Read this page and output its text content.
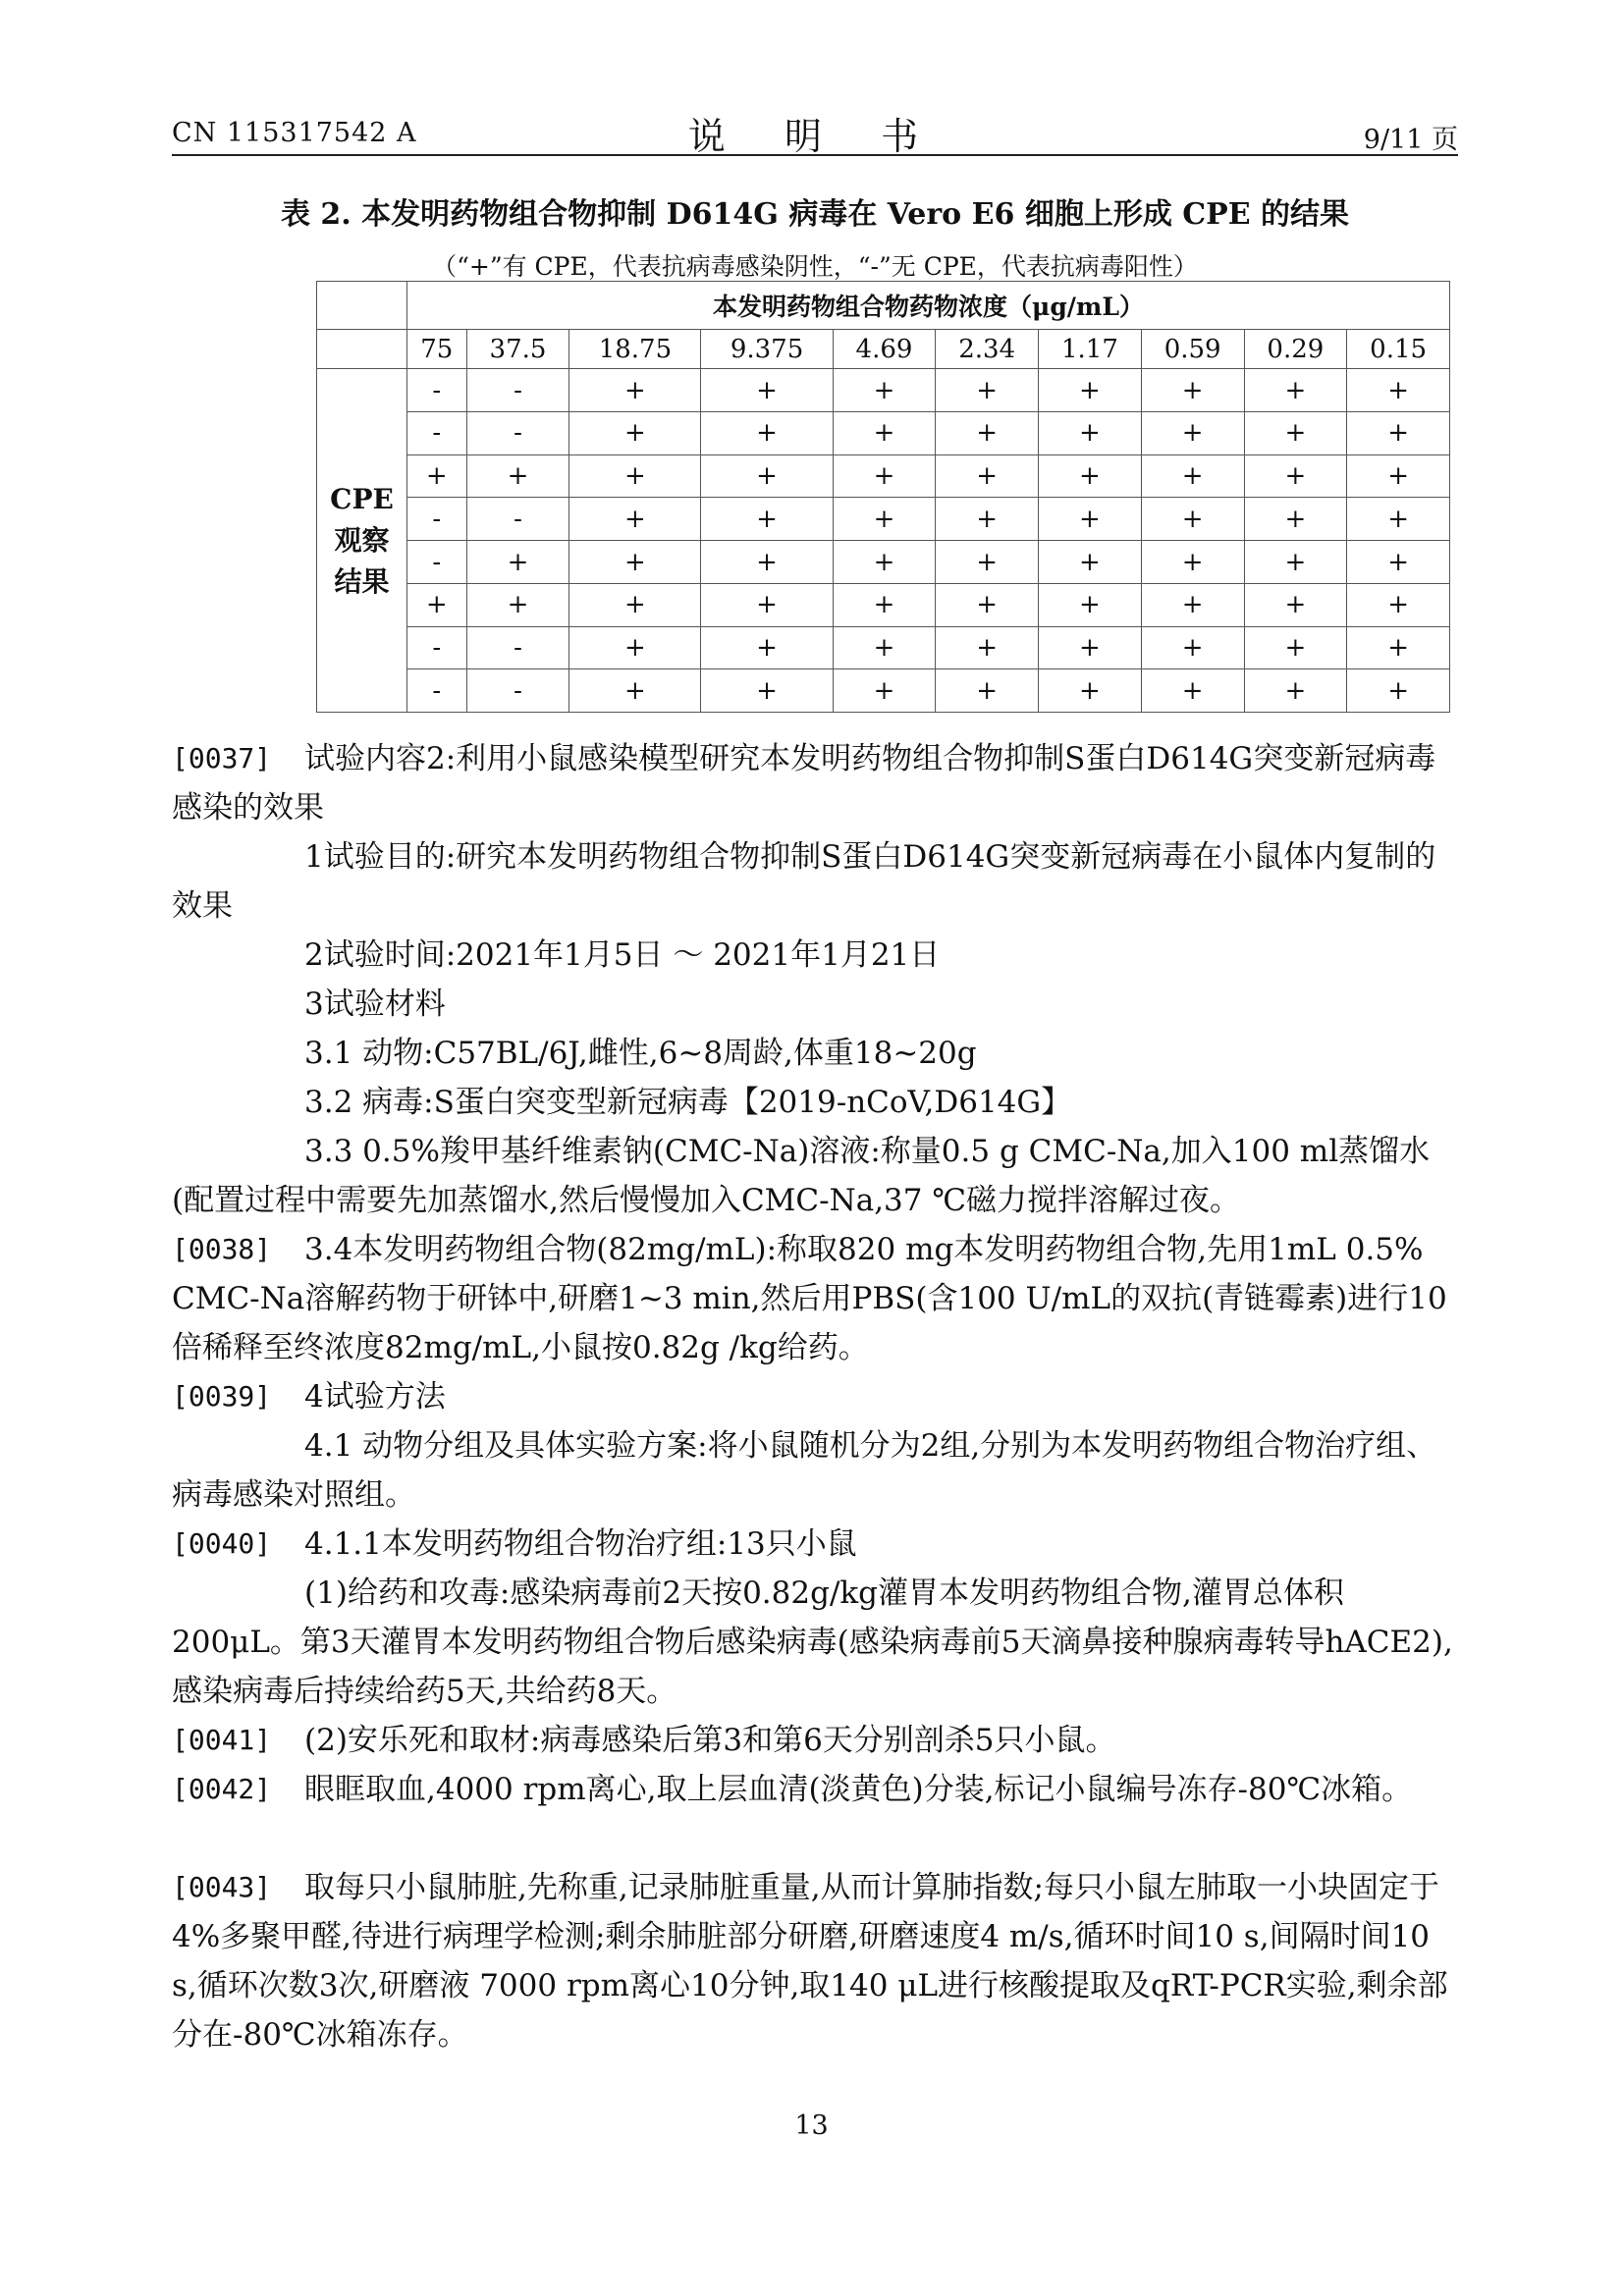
CN 115317542 A	说 明 书	9/11 页
表 2. 本发明药物组合物抑制 D614G 病毒在 Vero E6 细胞上形成 CPE 的结果
（“+”有 CPE，代表抗病毒感染阴性，“-”无 CPE，代表抗病毒阳性）
	本发明药物组合物药物浓度（μg/mL）									
	75	37.5	18.75	9.375	4.69	2.34	1.17	0.59	0.29	0.15
CPE 观察 结果	-	-	+	+	+	+	+	+	+	+
	-	-	+	+	+	+	+	+	+	+
	+	+	+	+	+	+	+	+	+	+
	-	-	+	+	+	+	+	+	+	+
	-	+	+	+	+	+	+	+	+	+
	+	+	+	+	+	+	+	+	+	+
	-	-	+	+	+	+	+	+	+	+
	-	-	+	+	+	+	+	+	+	+
[0037]	试验内容2:利用小鼠感染模型研究本发明药物组合物抑制S蛋白D614G突变新冠病毒感染的效果
1试验目的:研究本发明药物组合物抑制S蛋白D614G突变新冠病毒在小鼠体内复制的效果
2试验时间:2021年1月5日 ～ 2021年1月21日
3试验材料
3.1 动物:C57BL/6J,雌性,6~8周龄,体重18~20g
3.2 病毒:S蛋白突变型新冠病毒【2019-nCoV,D614G】
3.3 0.5%羧甲基纤维素钠(CMC-Na)溶液:称量0.5 g CMC-Na,加入100 ml蒸馏水(配置过程中需要先加蒸馏水,然后慢慢加入CMC-Na,37 ℃磁力搅拌溶解过夜。
[0038]	3.4本发明药物组合物(82mg/mL):称取820 mg本发明药物组合物,先用1mL 0.5% CMC-Na溶解药物于研钵中,研磨1~3 min,然后用PBS(含100 U/mL的双抗(青链霉素)进行10倍稀释至终浓度82mg/mL,小鼠按0.82g /kg给药。
[0039]	4试验方法
4.1 动物分组及具体实验方案:将小鼠随机分为2组,分别为本发明药物组合物治疗组、病毒感染对照组。
[0040]	4.1.1本发明药物组合物治疗组:13只小鼠
(1)给药和攻毒:感染病毒前2天按0.82g/kg灌胃本发明药物组合物,灌胃总体积200μL。第3天灌胃本发明药物组合物后感染病毒(感染病毒前5天滴鼻接种腺病毒转导hACE2),感染病毒后持续给药5天,共给药8天。
[0041]	(2)安乐死和取材:病毒感染后第3和第6天分别剖杀5只小鼠。
[0042]	眼眶取血,4000 rpm离心,取上层血清(淡黄色)分装,标记小鼠编号冻存-80℃冰箱。
[0043]	取每只小鼠肺脏,先称重,记录肺脏重量,从而计算肺指数;每只小鼠左肺取一小块固定于4%多聚甲醛,待进行病理学检测;剩余肺脏部分研磨,研磨速度4 m/s,循环时间10 s,间隔时间10 s,循环次数3次,研磨液 7000 rpm离心10分钟,取140 μL进行核酸提取及qRT-PCR实验,剩余部分在-80℃冰箱冻存。
13
